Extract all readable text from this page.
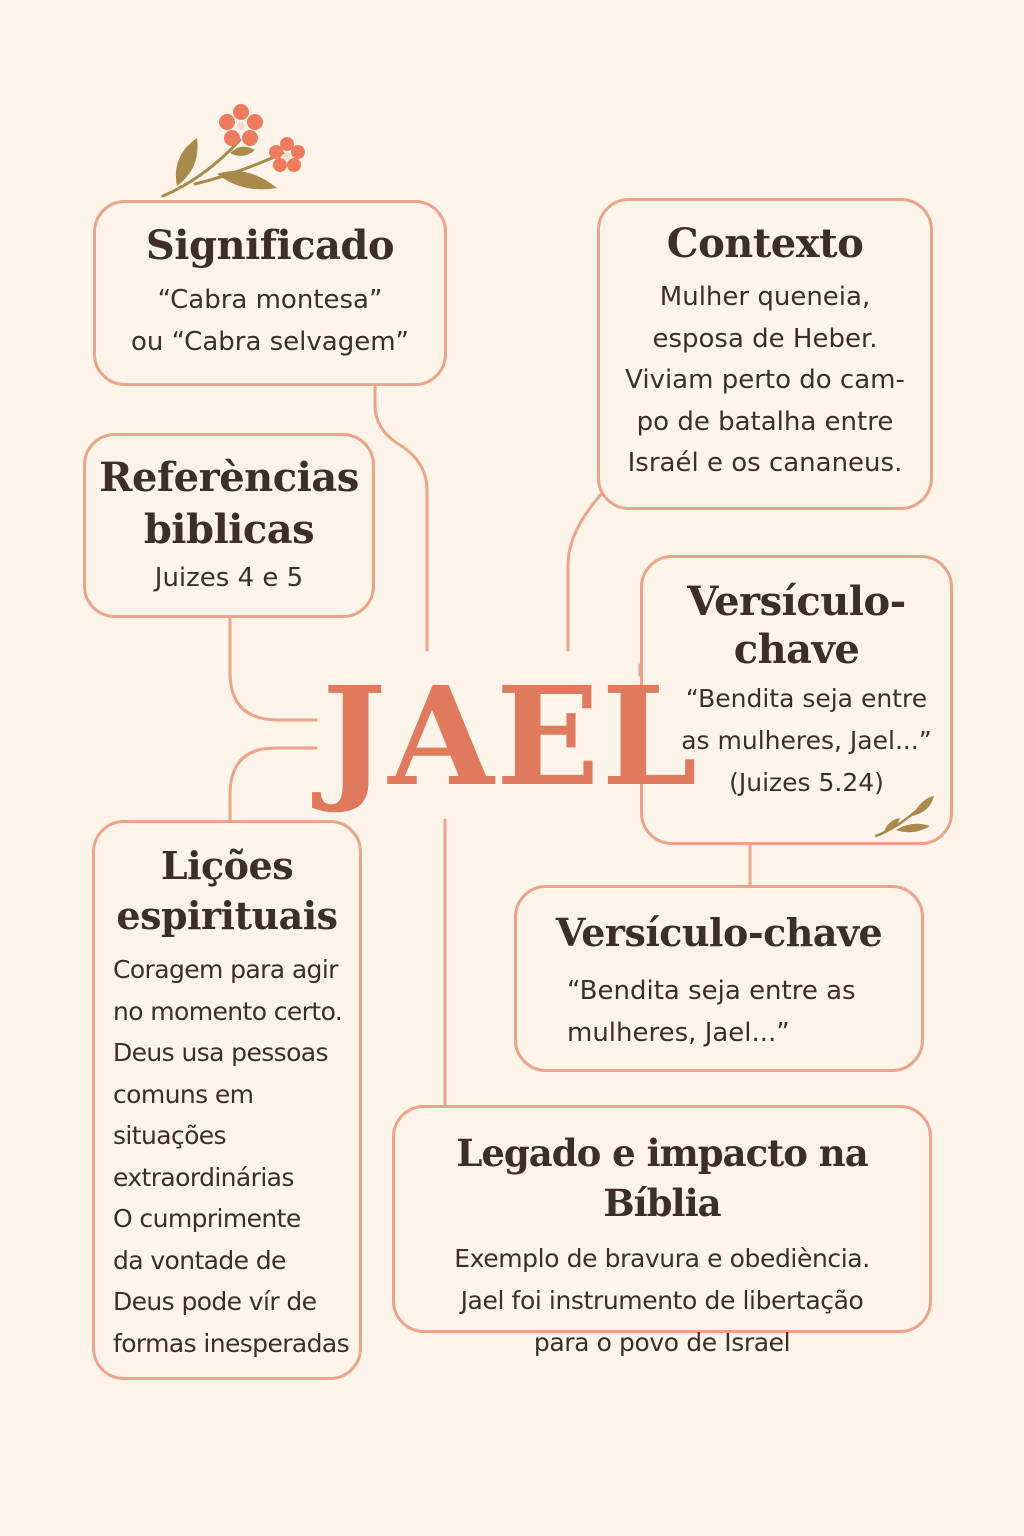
Significado

“Cabra montesa”
ou “Cabra selvagem”

Contexto

Mulher queneia,
esposa de Heber.
Viviam perto do cam-
po de batalha entre
Israél e os cananeus.

Referèncias
biblicas

Juizes 4 e 5	Versículo-
chave

“Bendita seja entre
as mulheres, Jael...”
(Juizes 5.24)

JAEL
Versículo-chave

“Bendita seja entre as
mulheres, Jael...”

Lições
espirituais

Coragem para agir
no momento certo.
Deus usa pessoas
comuns em
situações
extraordinárias
O cumprimente
da vontade de
Deus pode vír de
formas inesperadas

Legado e impacto na Bíblia

Exemplo de bravura e obediència.
Jael foi instrumento de libertação
para o povo de Israel
